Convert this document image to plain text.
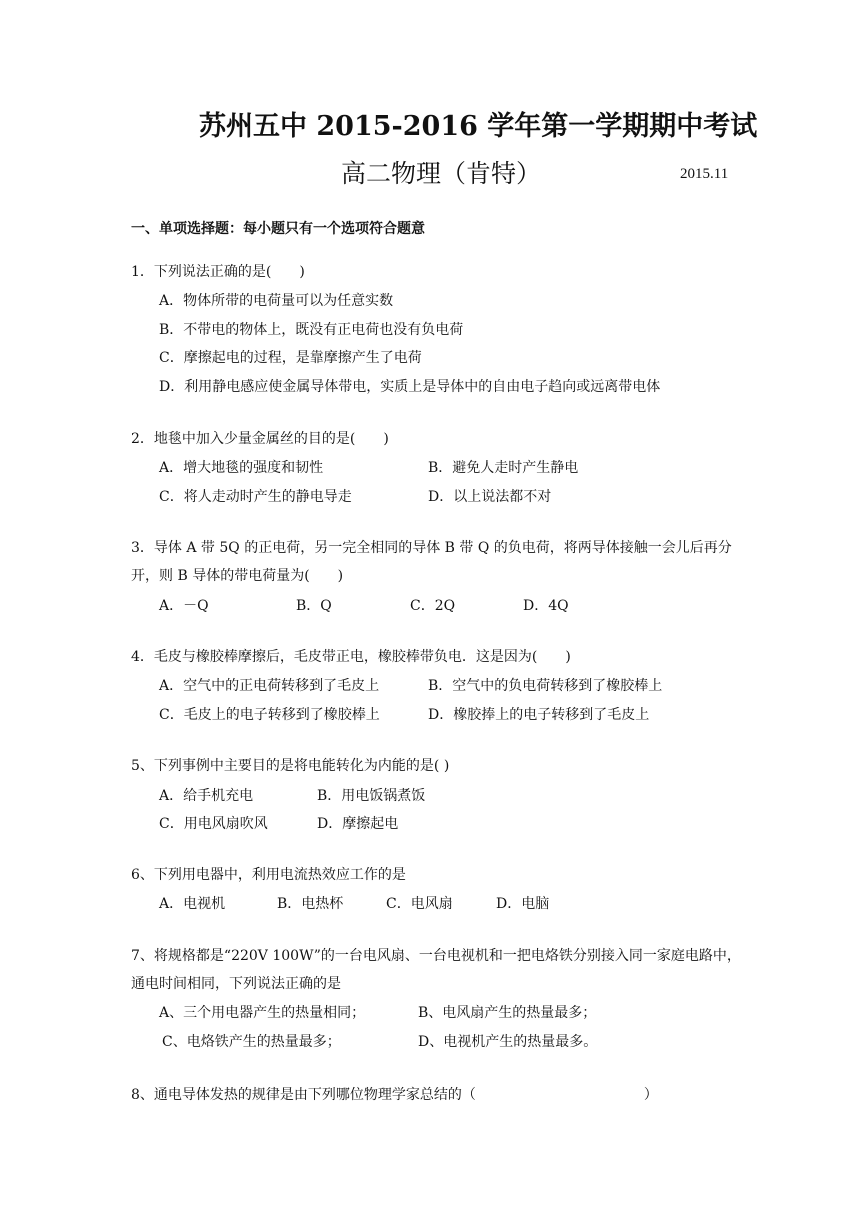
苏州五中 2015-2016 学年第一学期期中考试
高二物理（肯特）	2015.11
一、单项选择题：每小题只有一个选项符合题意
1．下列说法正确的是(　　)
A．物体所带的电荷量可以为任意实数
B．不带电的物体上，既没有正电荷也没有负电荷
C．摩擦起电的过程，是靠摩擦产生了电荷
D．利用静电感应使金属导体带电，实质上是导体中的自由电子趋向或远离带电体
2．地毯中加入少量金属丝的目的是(　　)
A．增大地毯的强度和韧性	B．避免人走时产生静电
C．将人走动时产生的静电导走	D．以上说法都不对
3．导体 A 带 5Q 的正电荷，另一完全相同的导体 B 带 Q 的负电荷，将两导体接触一会儿后再分
开，则 B 导体的带电荷量为(　　)
A．－Q	B．Q	C．2Q	D．4Q
4．毛皮与橡胶棒摩擦后，毛皮带正电，橡胶棒带负电．这是因为(　　)
A．空气中的正电荷转移到了毛皮上	B．空气中的负电荷转移到了橡胶棒上
C．毛皮上的电子转移到了橡胶棒上	D．橡胶捧上的电子转移到了毛皮上
5、下列事例中主要目的是将电能转化为内能的是( )
A．给手机充电	B．用电饭锅煮饭
C．用电风扇吹风	D．摩擦起电
6、下列用电器中，利用电流热效应工作的是
A．电视机	B．电热杯	C．电风扇	D．电脑
7、将规格都是“220V 100W”的一台电风扇、一台电视机和一把电烙铁分别接入同一家庭电路中，
通电时间相同，下列说法正确的是
A、三个用电器产生的热量相同；	B、电风扇产生的热量最多；
C、电烙铁产生的热量最多；	D、电视机产生的热量最多。
8、通电导体发热的规律是由下列哪位物理学家总结的（　　　　　　　　　　　　）
